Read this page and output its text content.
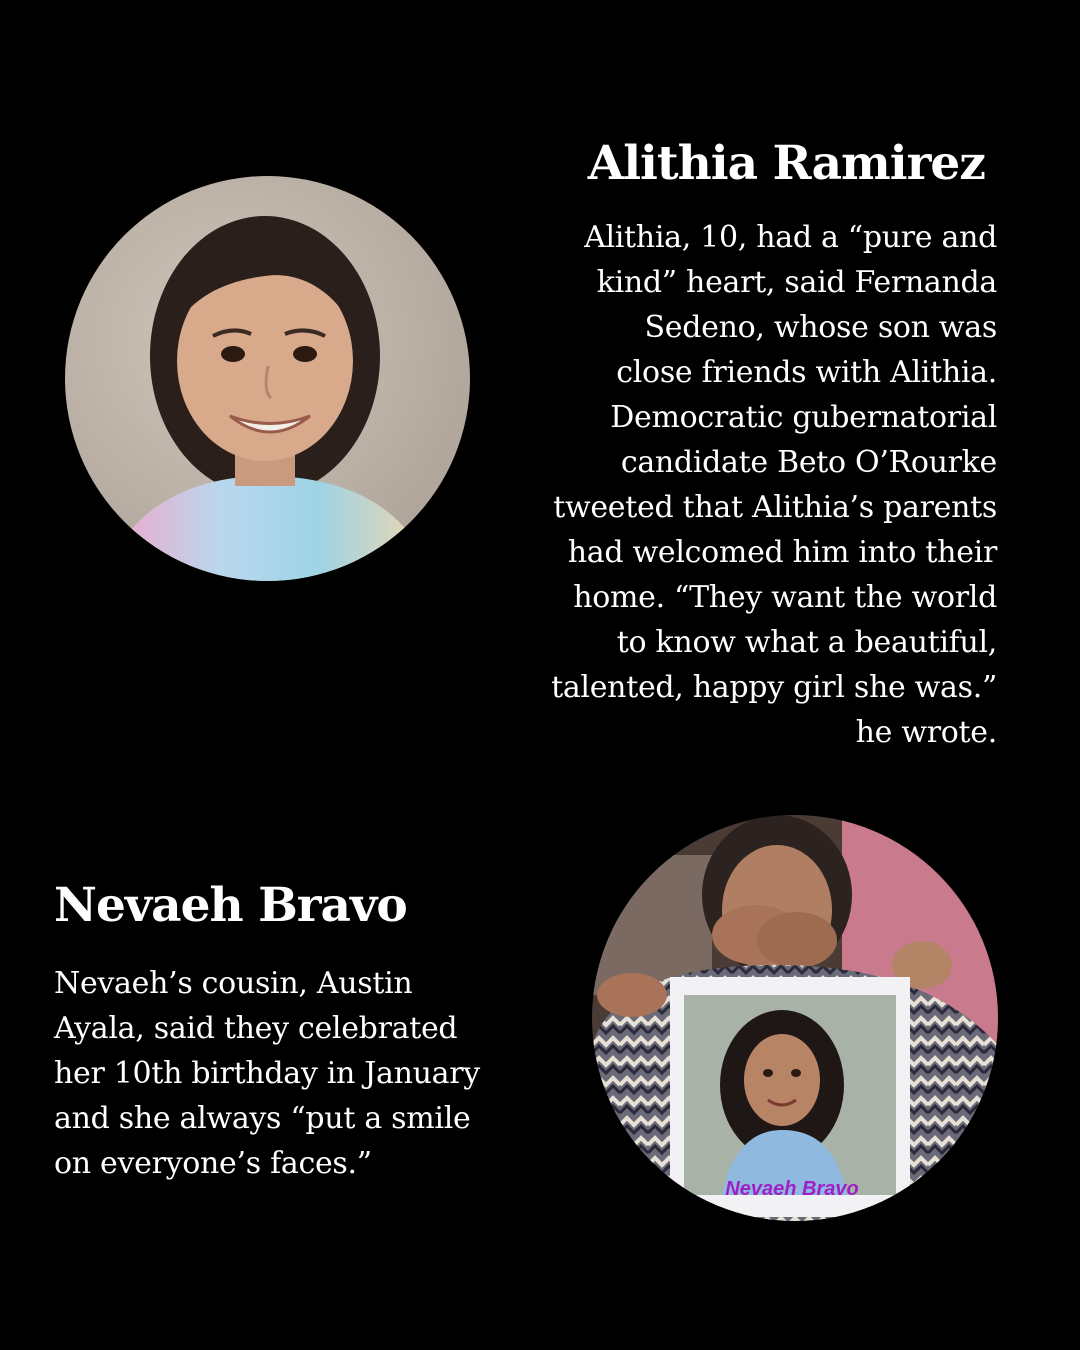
Alithia Ramirez

Alithia, 10, had a “pure and
kind” heart, said Fernanda
Sedeno, whose son was
close friends with Alithia.
Democratic gubernatorial
candidate Beto O’Rourke
tweeted that Alithia’s parents
had welcomed him into their
home. “They want the world
to know what a beautiful,
talented, happy girl she was.”
he wrote.

Nevaeh Bravo

Nevaeh’s cousin, Austin
Ayala, said they celebrated
her 10th birthday in January
and she always “put a smile
on everyone’s faces.”

Nevaeh Bravo
